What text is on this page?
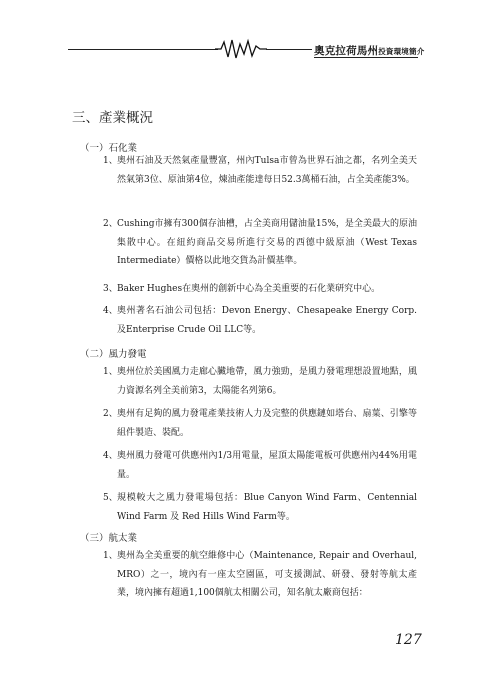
奧克拉荷馬州投資環境簡介
三、產業概況
（一）石化業
1、 奧州石油及天然氣產量豐富，州內Tulsa市曾為世界石油之都，名列全美天然氣第3位、原油第4位，煉油產能達每日52.3萬桶石油，占全美產能3%。
2、 Cushing市擁有300個存油槽，占全美商用儲油量15%，是全美最大的原油集散中心。在紐約商品交易所進行交易的西德中級原油（West Texas Intermediate）價格以此地交貨為計價基準。
3、 Baker Hughes在奧州的創新中心為全美重要的石化業研究中心。
4、 奧州著名石油公司包括：Devon Energy、Chesapeake Energy Corp.及Enterprise Crude Oil LLC等。
（二）風力發電
1、 奧州位於美國風力走廊心臟地帶，風力強勁，是風力發電理想設置地點，風力資源名列全美前第3，太陽能名列第6。
2、 奧州有足夠的風力發電產業技術人力及完整的供應鏈如塔台、扇葉、引擎等組件製造、裝配。
4、 奧州風力發電可供應州內1/3用電量，屋頂太陽能電板可供應州內44%用電量。
5、 規模較大之風力發電場包括：Blue Canyon Wind Farm、Centennial Wind Farm 及 Red Hills Wind Farm等。
（三）航太業
1、 奧州為全美重要的航空維修中心（Maintenance, Repair and Overhaul, MRO）之一，境內有一座太空園區，可支援測試、研發、發射等航太產業，境內擁有超過1,100個航太相關公司，知名航太廠商包括：
127
